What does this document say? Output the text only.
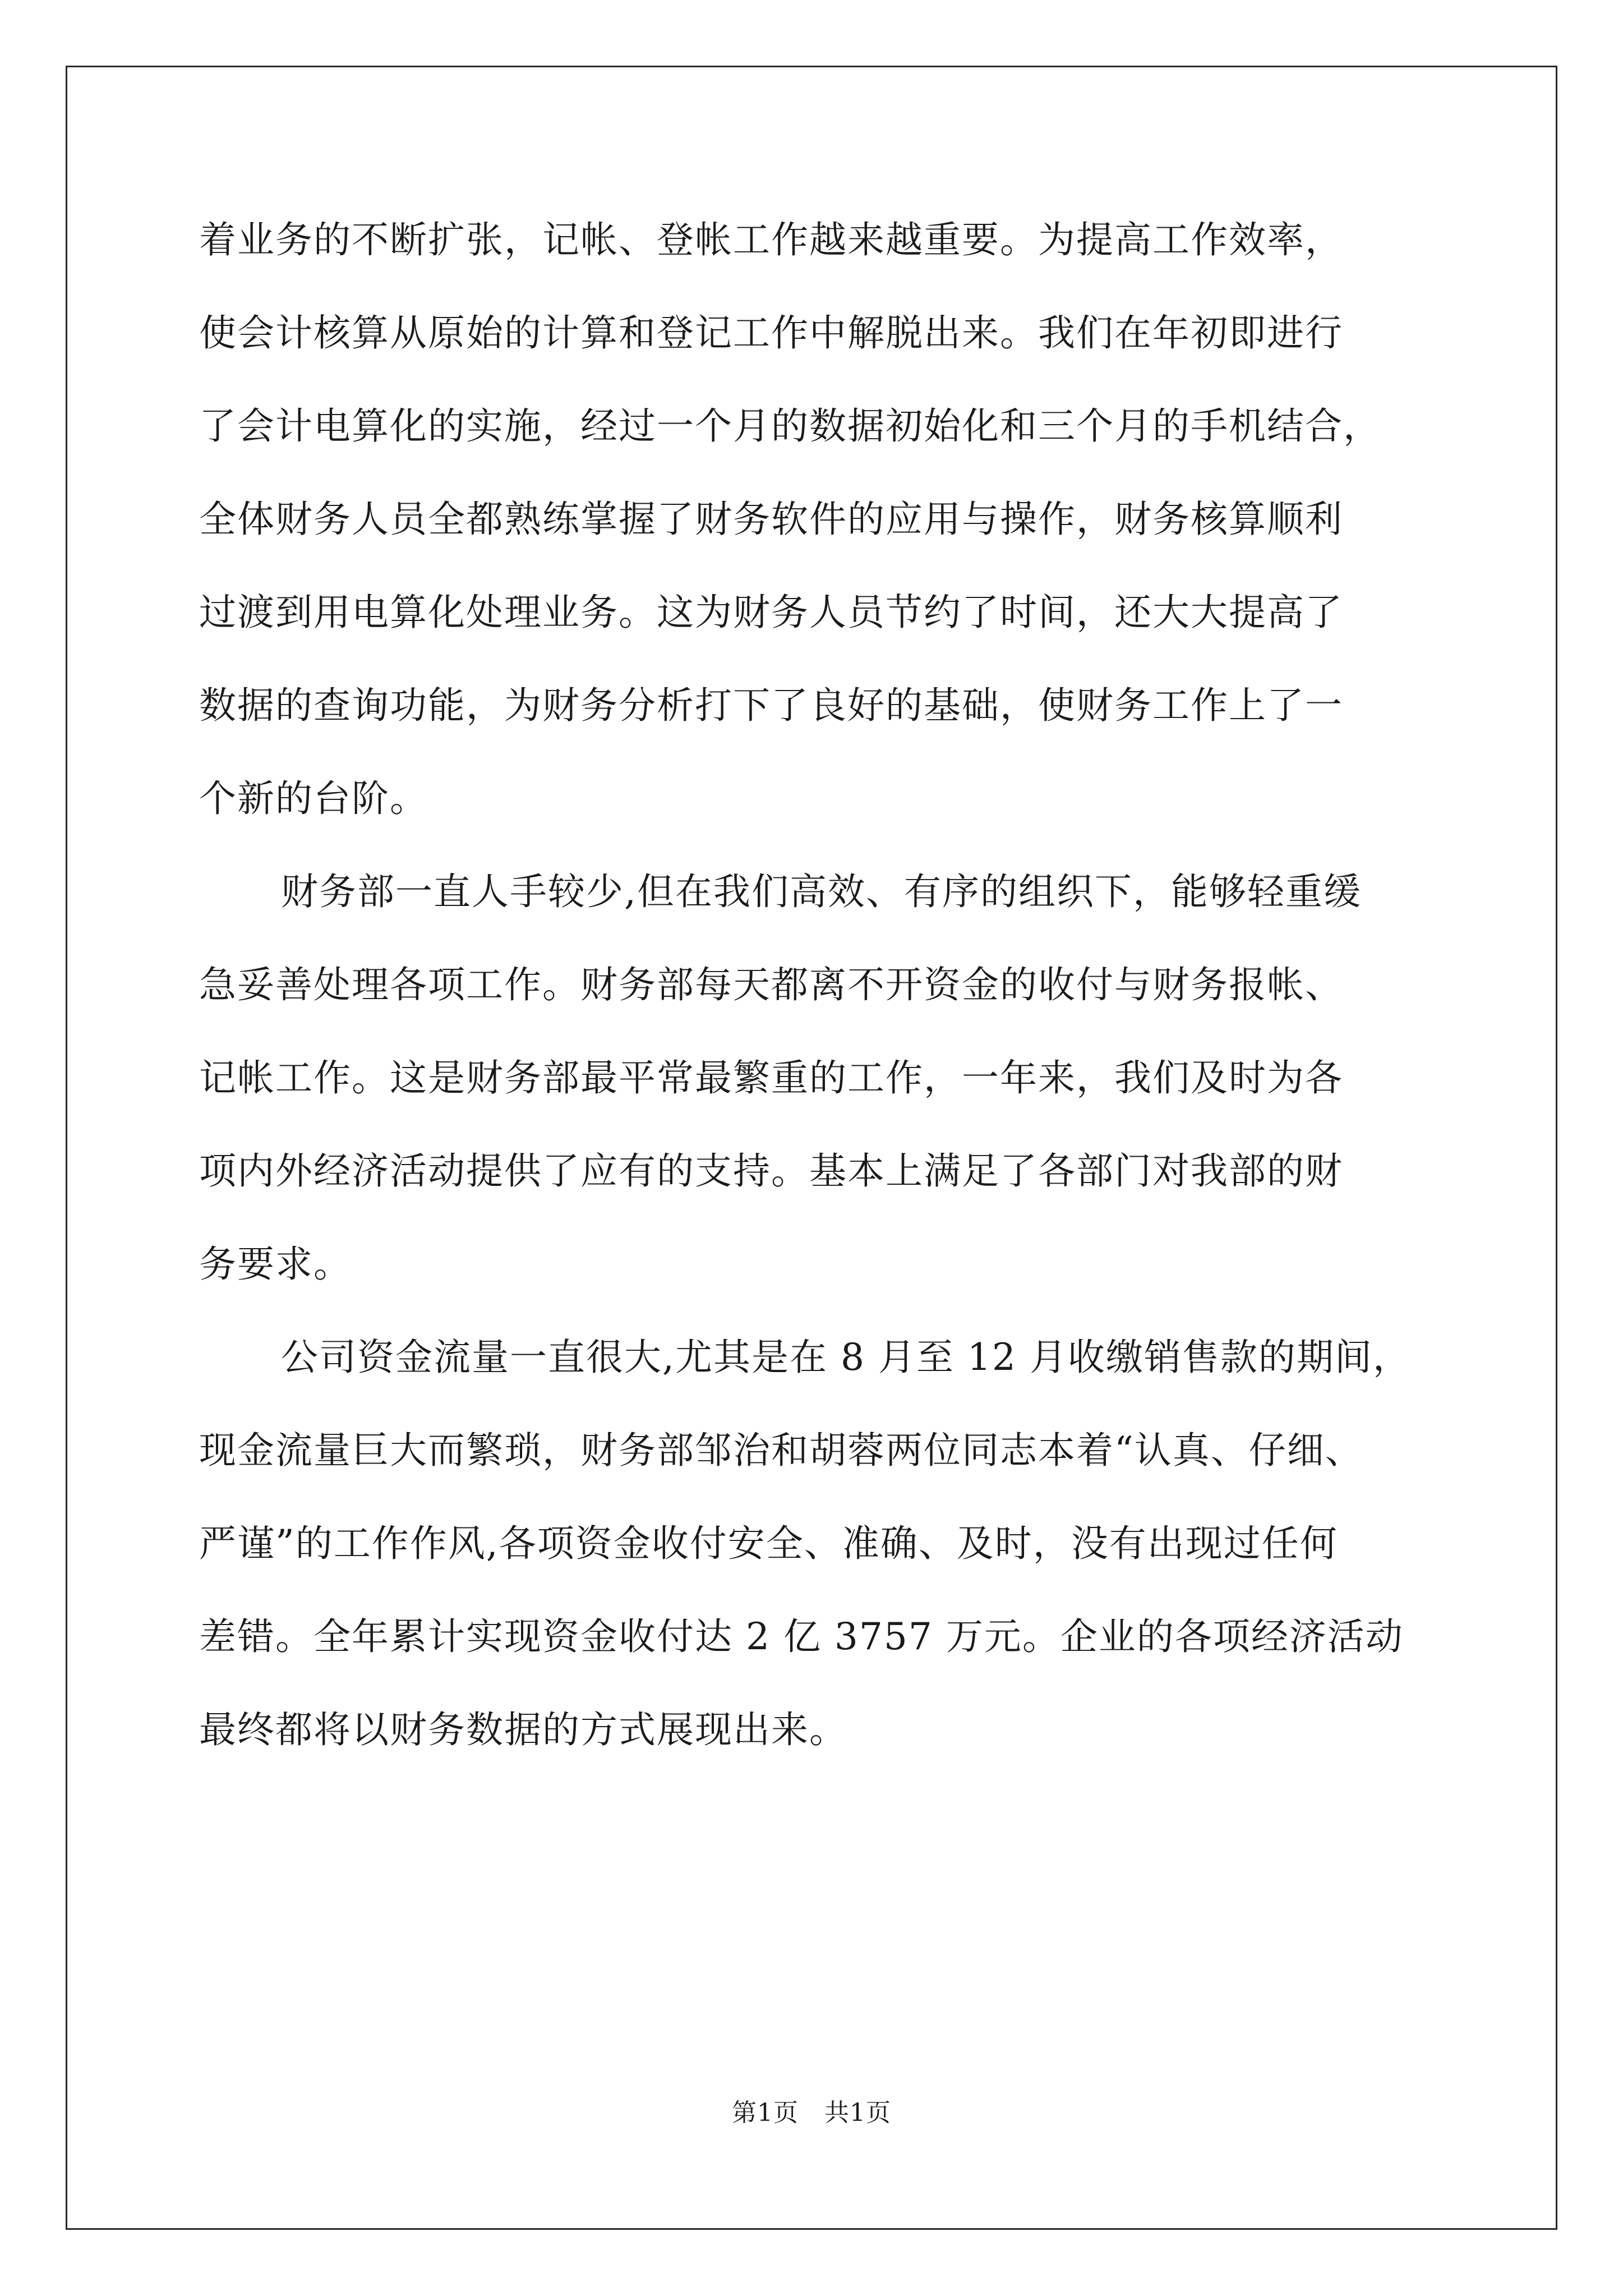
着业务的不断扩张，记帐、登帐工作越来越重要。为提高工作效率，
使会计核算从原始的计算和登记工作中解脱出来。我们在年初即进行
了会计电算化的实施，经过一个月的数据初始化和三个月的手机结合，
全体财务人员全都熟练掌握了财务软件的应用与操作，财务核算顺利
过渡到用电算化处理业务。这为财务人员节约了时间，还大大提高了
数据的查询功能，为财务分析打下了良好的基础，使财务工作上了一
个新的台阶。
财务部一直人手较少,但在我们高效、有序的组织下，能够轻重缓
急妥善处理各项工作。财务部每天都离不开资金的收付与财务报帐、
记帐工作。这是财务部最平常最繁重的工作，一年来，我们及时为各
项内外经济活动提供了应有的支持。基本上满足了各部门对我部的财
务要求。
公司资金流量一直很大,尤其是在 8 月至 12 月收缴销售款的期间，
现金流量巨大而繁琐，财务部邹治和胡蓉两位同志本着“认真、仔细、
严谨”的工作作风,各项资金收付安全、准确、及时，没有出现过任何
差错。全年累计实现资金收付达 2 亿 3757 万元。企业的各项经济活动
最终都将以财务数据的方式展现出来。
第1页 共1页
